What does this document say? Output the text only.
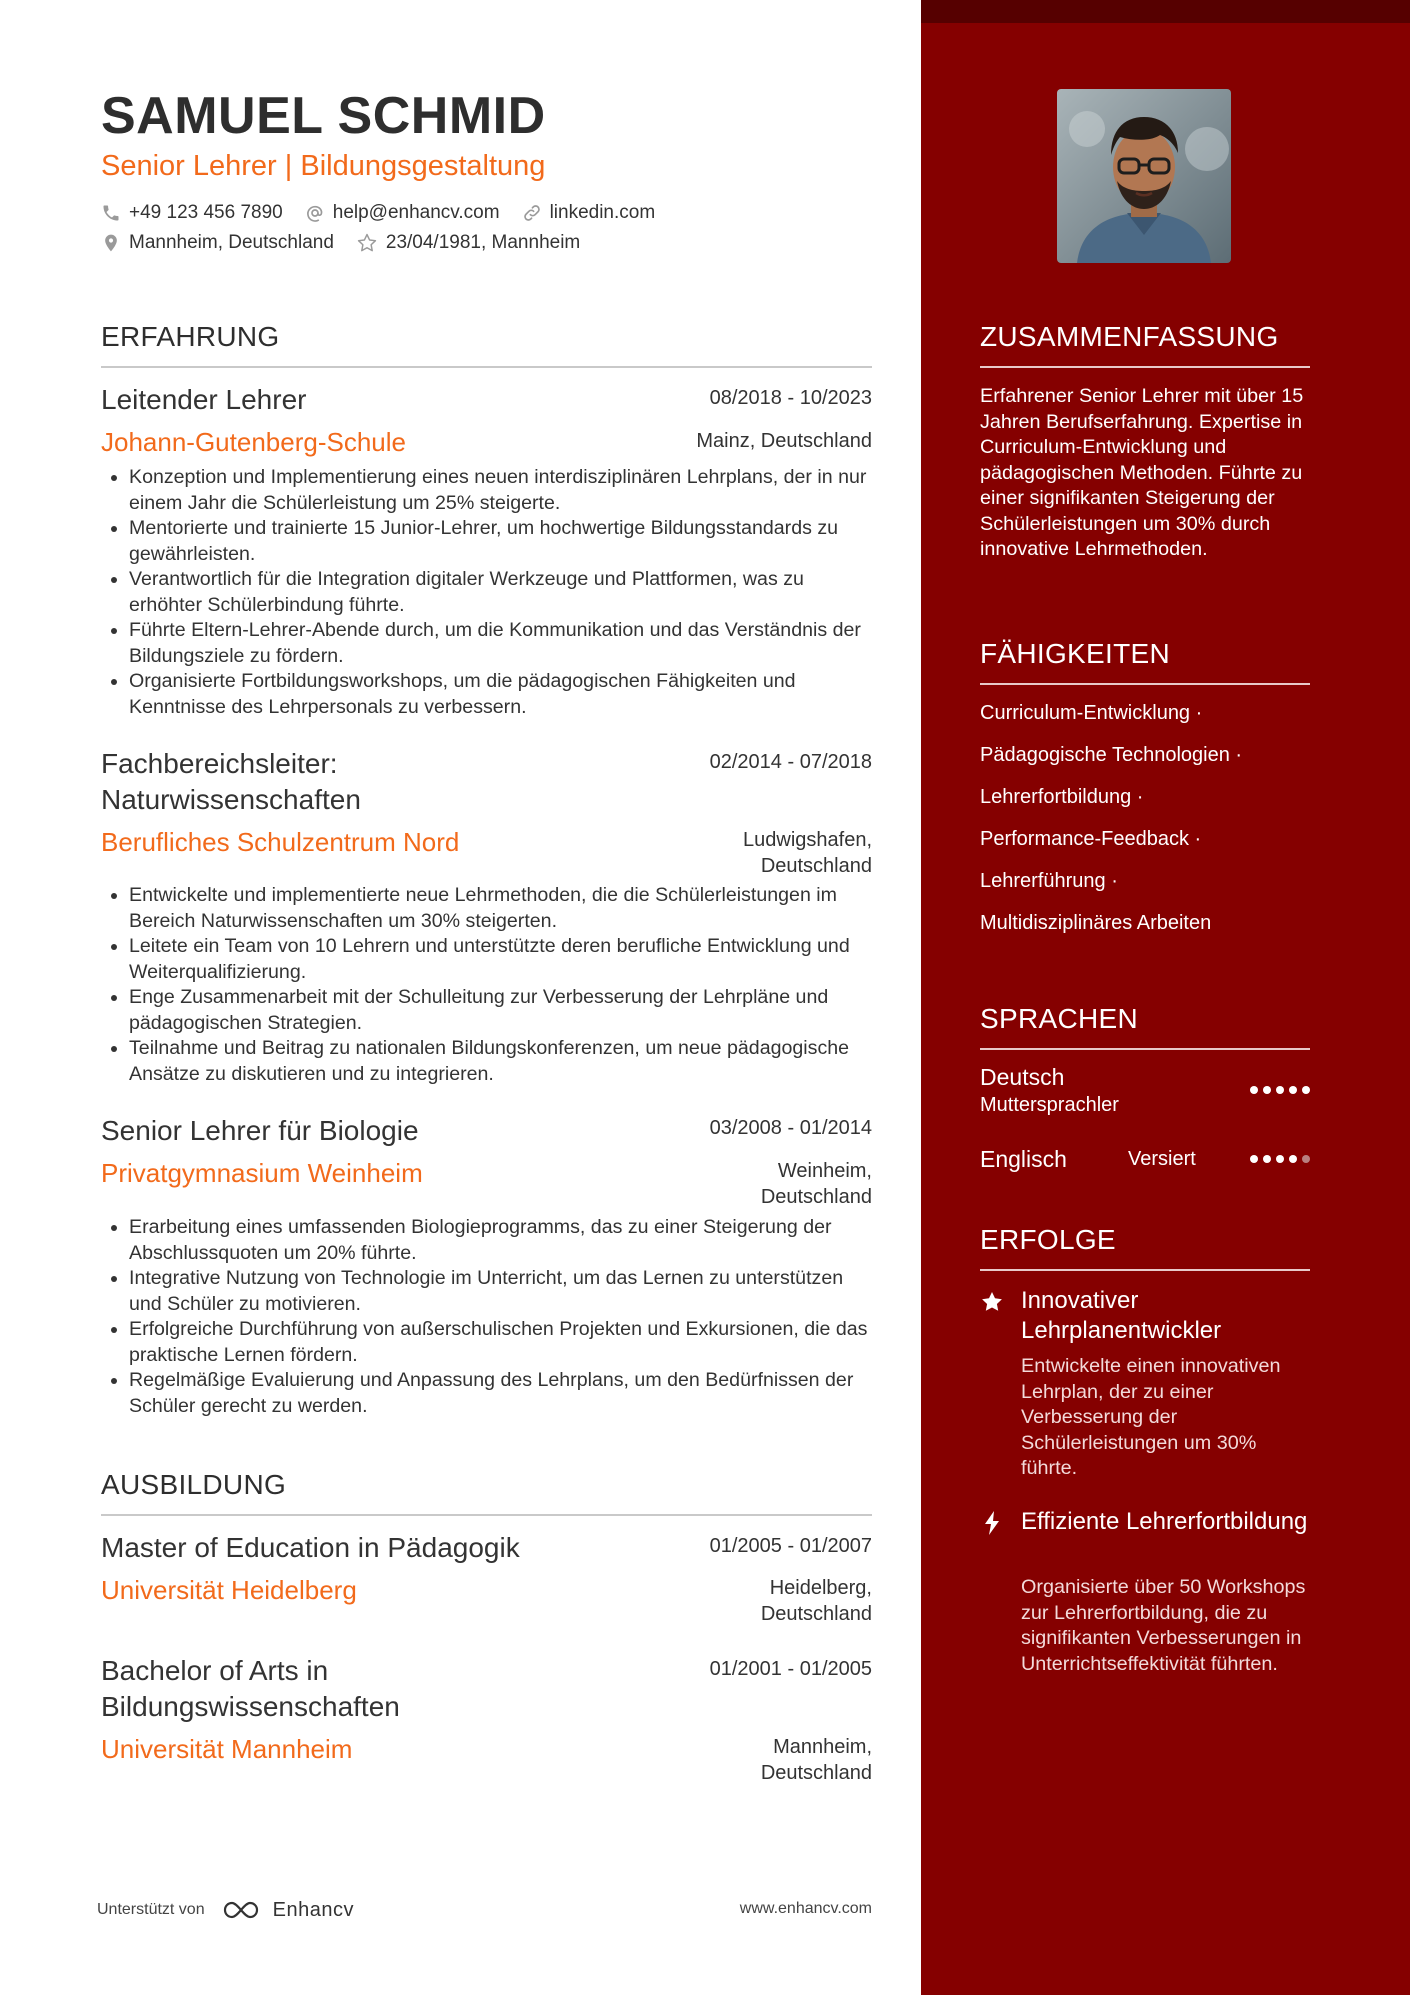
SAMUEL SCHMID
Senior Lehrer | Bildungsgestaltung
+49 123 456 7890	help@enhancv.com	linkedin.com
Mannheim, Deutschland	23/04/1981, Mannheim
ERFAHRUNG
Leitender Lehrer	08/2018 - 10/2023
Johann-Gutenberg-Schule	Mainz, Deutschland
• Konzeption und Implementierung eines neuen interdisziplinären Lehrplans, der in nur einem Jahr die Schülerleistung um 25% steigerte.
• Mentorierte und trainierte 15 Junior-Lehrer, um hochwertige Bildungsstandards zu gewährleisten.
• Verantwortlich für die Integration digitaler Werkzeuge und Plattformen, was zu erhöhter Schülerbindung führte.
• Führte Eltern-Lehrer-Abende durch, um die Kommunikation und das Verständnis der Bildungsziele zu fördern.
• Organisierte Fortbildungsworkshops, um die pädagogischen Fähigkeiten und Kenntnisse des Lehrpersonals zu verbessern.
Fachbereichsleiter: Naturwissenschaften
02/2014 - 07/2018
Berufliches Schulzentrum Nord	Ludwigshafen, Deutschland
• Entwickelte und implementierte neue Lehrmethoden, die die Schülerleistungen im Bereich Naturwissenschaften um 30% steigerten.
• Leitete ein Team von 10 Lehrern und unterstützte deren berufliche Entwicklung und Weiterqualifizierung.
• Enge Zusammenarbeit mit der Schulleitung zur Verbesserung der Lehrpläne und pädagogischen Strategien.
• Teilnahme und Beitrag zu nationalen Bildungskonferenzen, um neue pädagogische Ansätze zu diskutieren und zu integrieren.
Senior Lehrer für Biologie	03/2008 - 01/2014
Privatgymnasium Weinheim	Weinheim, Deutschland
• Erarbeitung eines umfassenden Biologieprogramms, das zu einer Steigerung der Abschlussquoten um 20% führte.
• Integrative Nutzung von Technologie im Unterricht, um das Lernen zu unterstützen und Schüler zu motivieren.
• Erfolgreiche Durchführung von außerschulischen Projekten und Exkursionen, die das praktische Lernen fördern.
• Regelmäßige Evaluierung und Anpassung des Lehrplans, um den Bedürfnissen der Schüler gerecht zu werden.
AUSBILDUNG
Master of Education in Pädagogik	01/2005 - 01/2007
Universität Heidelberg	Heidelberg, Deutschland
Bachelor of Arts in Bildungswissenschaften
01/2001 - 01/2005
Universität Mannheim	Mannheim, Deutschland
www.enhancv.com
Unterstützt von	Enhancv
ZUSAMMENFASSUNG
Erfahrener Senior Lehrer mit über 15 Jahren Berufserfahrung. Expertise in Curriculum-Entwicklung und pädagogischen Methoden. Führte zu einer signifikanten Steigerung der Schülerleistungen um 30% durch innovative Lehrmethoden.
FÄHIGKEITEN
Curriculum-Entwicklung ·
Pädagogische Technologien ·
Lehrerfortbildung ·
Performance-Feedback ·
Lehrerführung ·
Multidisziplinäres Arbeiten
SPRACHEN
Deutsch
Muttersprachler
Englisch	Versiert
ERFOLGE
Innovativer Lehrplanentwickler
Entwickelte einen innovativen Lehrplan, der zu einer Verbesserung der Schülerleistungen um 30% führte.
Effiziente Lehrerfortbildung
Organisierte über 50 Workshops zur Lehrerfortbildung, die zu signifikanten Verbesserungen in Unterrichtseffektivität führten.
